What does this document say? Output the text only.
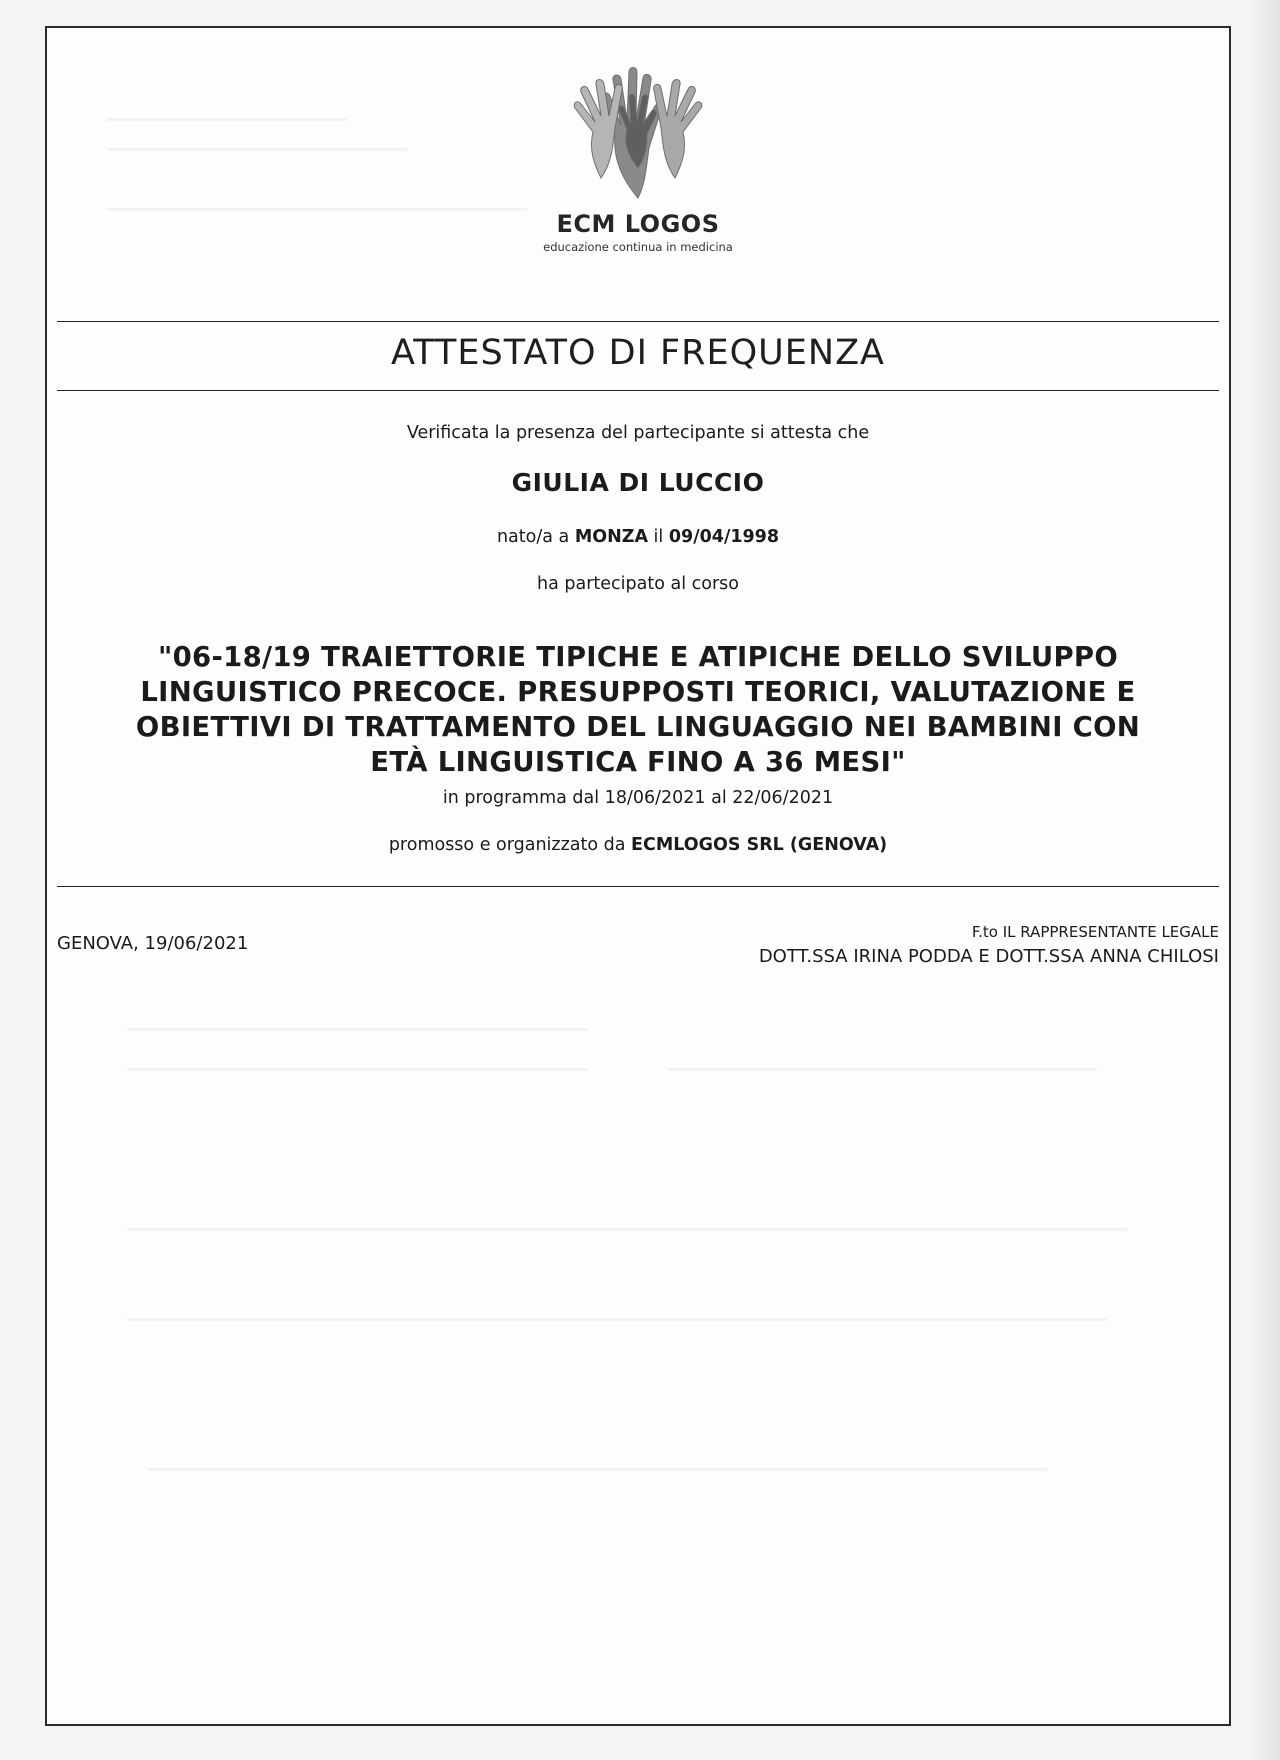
ECM LOGOS
educazione continua in medicina
ATTESTATO DI FREQUENZA
Verificata la presenza del partecipante si attesta che
GIULIA DI LUCCIO
nato/a a MONZA il 09/04/1998
ha partecipato al corso
"06-18/19 TRAIETTORIE TIPICHE E ATIPICHE DELLO SVILUPPO
LINGUISTICO PRECOCE. PRESUPPOSTI TEORICI, VALUTAZIONE E
OBIETTIVI DI TRATTAMENTO DEL LINGUAGGIO NEI BAMBINI CON
ETÀ LINGUISTICA FINO A 36 MESI"
in programma dal 18/06/2021 al 22/06/2021
promosso e organizzato da ECMLOGOS SRL (GENOVA)
GENOVA, 19/06/2021
F.to IL RAPPRESENTANTE LEGALE
DOTT.SSA IRINA PODDA E DOTT.SSA ANNA CHILOSI
